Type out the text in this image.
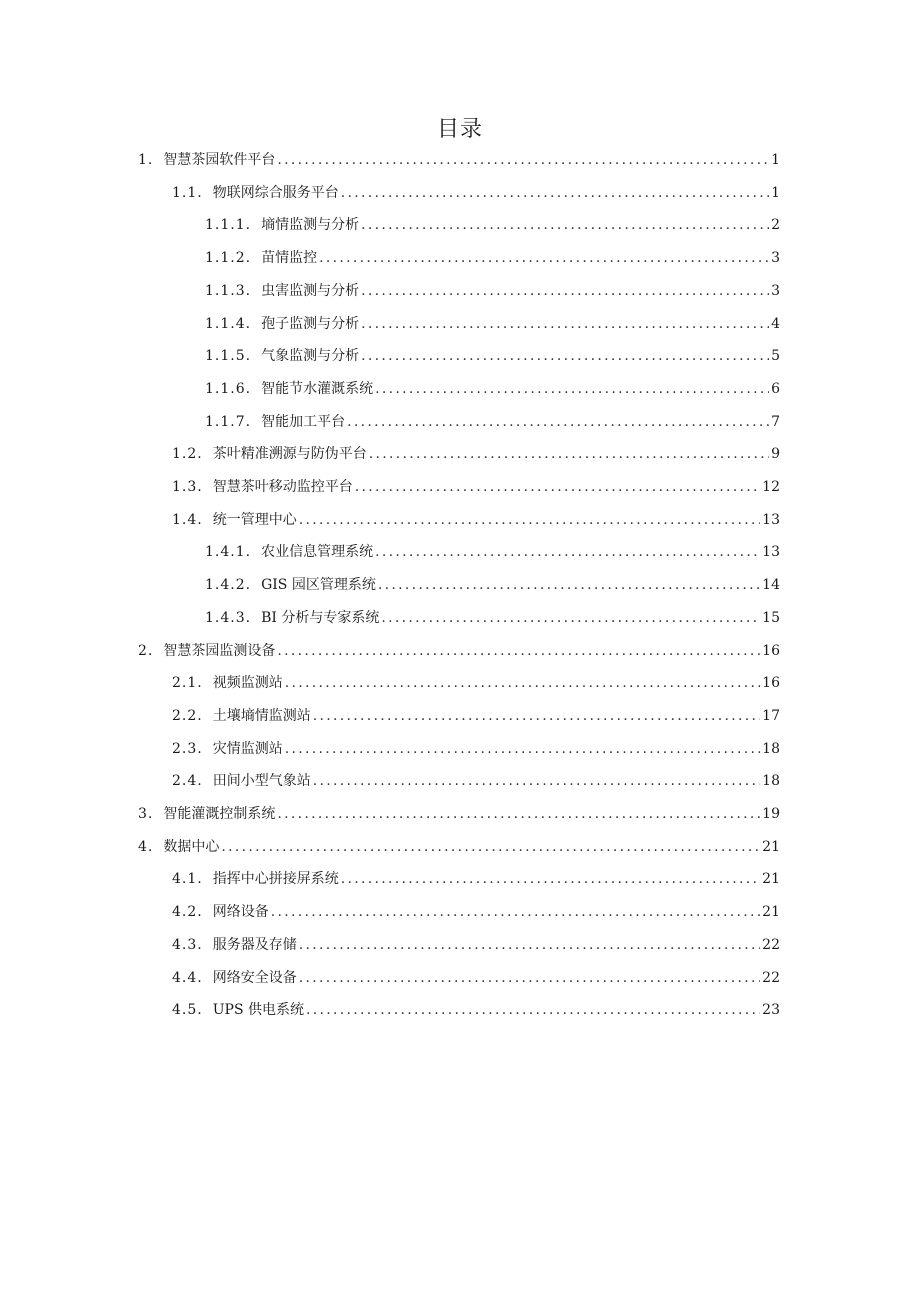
目录
1. 智慧茶园软件平台 .....	1
1.1. 物联网综合服务平台 .....	1
1.1.1. 墒情监测与分析 .....	2
1.1.2. 苗情监控 .....	3
1.1.3. 虫害监测与分析 .....	3
1.1.4. 孢子监测与分析 .....	4
1.1.5. 气象监测与分析 .....	5
1.1.6. 智能节水灌溉系统 .....	6
1.1.7. 智能加工平台 .....	7
1.2. 茶叶精准溯源与防伪平台 .....	9
1.3. 智慧茶叶移动监控平台 .....	12
1.4. 统一管理中心 .....	13
1.4.1. 农业信息管理系统 .....	13
1.4.2. GIS 园区管理系统 .....	14
1.4.3. BI 分析与专家系统 .....	15
2. 智慧茶园监测设备 .....	16
2.1. 视频监测站 .....	16
2.2. 土壤墒情监测站 .....	17
2.3. 灾情监测站 .....	18
2.4. 田间小型气象站 .....	18
3. 智能灌溉控制系统 .....	19
4. 数据中心 .....	21
4.1. 指挥中心拼接屏系统 .....	21
4.2. 网络设备 .....	21
4.3. 服务器及存储 .....	22
4.4. 网络安全设备 .....	22
4.5. UPS 供电系统 .....	23
